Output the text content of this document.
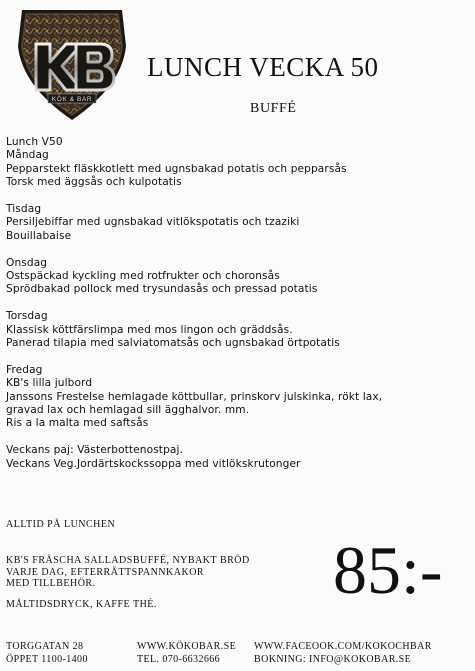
KÖK & BAR
LUNCH VECKA 50
BUFFÉ
Lunch V50
Måndag
Pepparstekt fläskkotlett med ugnsbakad potatis och pepparsås
Torsk med äggsås och kulpotatis
Tisdag
Persiljebiffar med ugnsbakad vitlökspotatis och tzaziki
Bouillabaise
Onsdag
Ostspäckad kyckling med rotfrukter och choronsås
Sprödbakad pollock med trysundasås och pressad potatis
Torsdag
Klassisk köttfärslimpa med mos lingon och gräddsås.
Panerad tilapia med salviatomatsås och ugnsbakad örtpotatis
Fredag
KB's lilla julbord
Janssons Frestelse hemlagade köttbullar, prinskorv julskinka, rökt lax,
gravad lax och hemlagad sill ägghalvor. mm.
Ris a la malta med saftsås
Veckans paj: Västerbottenostpaj.
Veckans Veg.Jordärtskockssoppa med vitlökskrutonger
ALLTID PÅ LUNCHEN
KB'S FRÄSCHA SALLADSBUFFÉ, NYBAKT BRÖD
VARJE DAG, EFTERRÄTTSPANNKAKOR
MED TILLBEHÖR.
MÅLTIDSDRYCK, KAFFE THÉ.	85:-
TORGGATAN 28
ÖPPET 1100-1400
WWW.KÖKOBAR.SE
TEL. 070-6632666
WWW.FACEOOK.COM/KOKOCHBAR
BOKNING: INFO@KOKOBAR.SE
